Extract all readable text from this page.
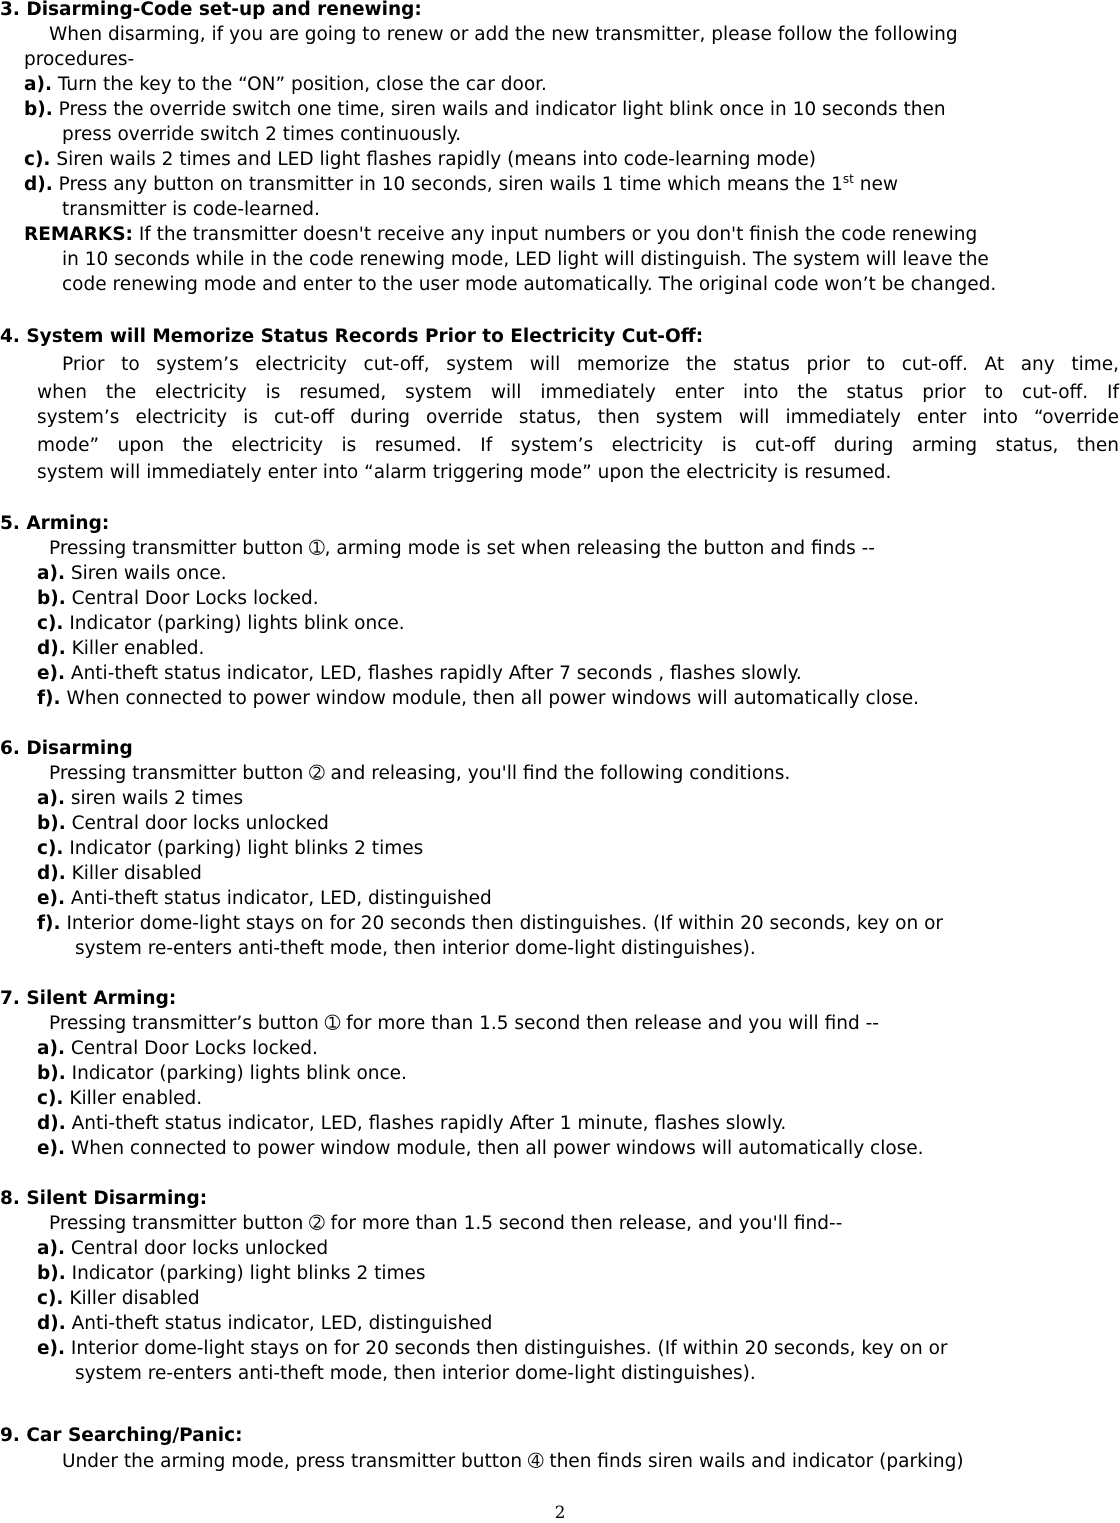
3. Disarming-Code set-up and renewing:
When disarming, if you are going to renew or add the new transmitter, please follow the following
procedures-
a). Turn the key to the “ON” position, close the car door.
b). Press the override switch one time, siren wails and indicator light blink once in 10 seconds then
press override switch 2 times continuously.
c). Siren wails 2 times and LED light flashes rapidly (means into code-learning mode)
d). Press any button on transmitter in 10 seconds, siren wails 1 time which means the 1st new
transmitter is code-learned.
REMARKS: If the transmitter doesn't receive any input numbers or you don't finish the code renewing
in 10 seconds while in the code renewing mode, LED light will distinguish. The system will leave the
code renewing mode and enter to the user mode automatically. The original code won’t be changed.
4. System will Memorize Status Records Prior to Electricity Cut-Off:
Prior to system’s electricity cut-off, system will memorize the status prior to cut-off. At any time,
when the electricity is resumed, system will immediately enter into the status prior to cut-off. If
system’s electricity is cut-off during override status, then system will immediately enter into “override
mode” upon the electricity is resumed. If system’s electricity is cut-off during arming status, then
system will immediately enter into “alarm triggering mode” upon the electricity is resumed.
5. Arming:
Pressing transmitter button ➀, arming mode is set when releasing the button and finds --
a). Siren wails once.
b). Central Door Locks locked.
c). Indicator (parking) lights blink once.
d). Killer enabled.
e). Anti-theft status indicator, LED, flashes rapidly After 7 seconds , flashes slowly.
f). When connected to power window module, then all power windows will automatically close.
6. Disarming
Pressing transmitter button ➁ and releasing, you'll find the following conditions.
a). siren wails 2 times
b). Central door locks unlocked
c). Indicator (parking) light blinks 2 times
d). Killer disabled
e). Anti-theft status indicator, LED, distinguished
f). Interior dome-light stays on for 20 seconds then distinguishes. (If within 20 seconds, key on or
system re-enters anti-theft mode, then interior dome-light distinguishes).
7. Silent Arming:
Pressing transmitter’s button ➀ for more than 1.5 second then release and you will find --
a). Central Door Locks locked.
b). Indicator (parking) lights blink once.
c). Killer enabled.
d). Anti-theft status indicator, LED, flashes rapidly After 1 minute, flashes slowly.
e). When connected to power window module, then all power windows will automatically close.
8. Silent Disarming:
Pressing transmitter button ➁ for more than 1.5 second then release, and you'll find--
a). Central door locks unlocked
b). Indicator (parking) light blinks 2 times
c). Killer disabled
d). Anti-theft status indicator, LED, distinguished
e). Interior dome-light stays on for 20 seconds then distinguishes. (If within 20 seconds, key on or
system re-enters anti-theft mode, then interior dome-light distinguishes).
9. Car Searching/Panic:
Under the arming mode, press transmitter button ➃ then finds siren wails and indicator (parking)
2
